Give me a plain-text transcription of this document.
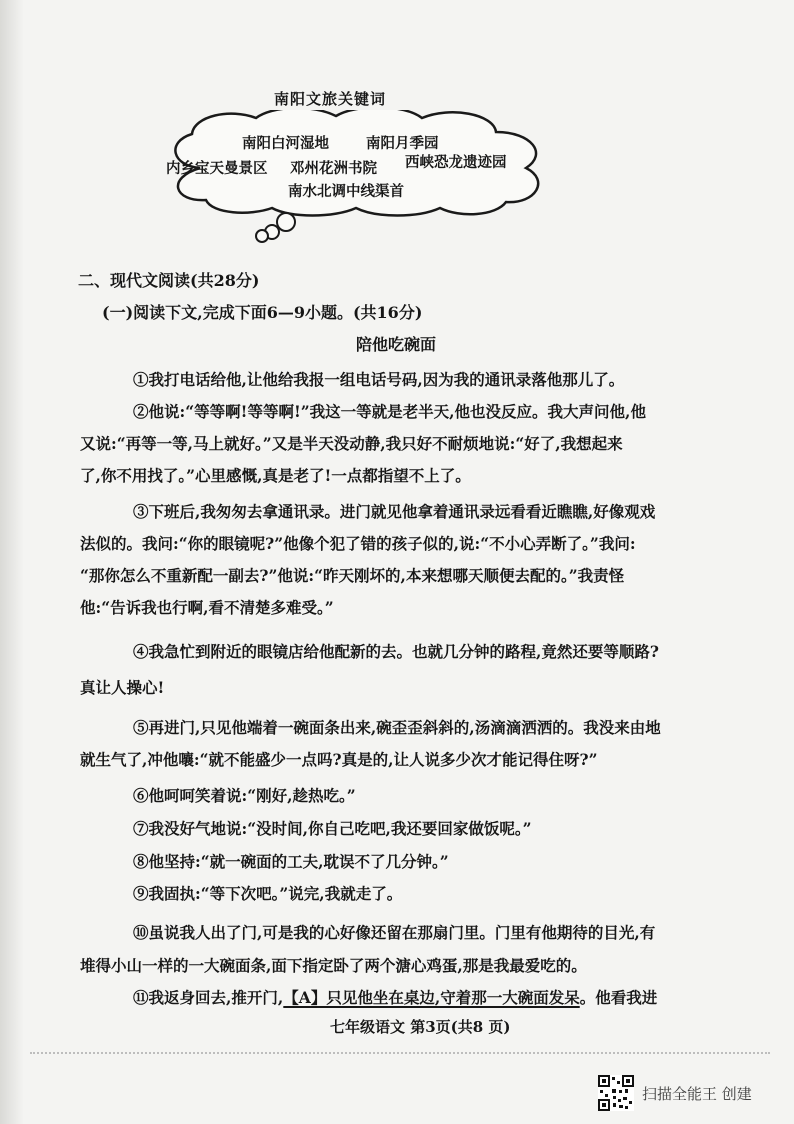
南阳文旅关键词
南阳白河湿地	南阳月季园
内乡宝天曼景区 邓州花洲书院 西峡恐龙遗迹园
南水北调中线渠首
二、现代文阅读(共28分)
(一)阅读下文,完成下面6—9小题。(共16分)
陪他吃碗面
①我打电话给他,让他给我报一组电话号码,因为我的通讯录落他那儿了。
②他说:“等等啊!等等啊!”我这一等就是老半天,他也没反应。我大声问他,他
又说:“再等一等,马上就好。”又是半天没动静,我只好不耐烦地说:“好了,我想起来
了,你不用找了。”心里感慨,真是老了!一点都指望不上了。
③下班后,我匆匆去拿通讯录。进门就见他拿着通讯录远看看近瞧瞧,好像观戏
法似的。我问:“你的眼镜呢?”他像个犯了错的孩子似的,说:“不小心弄断了。”我问:
“那你怎么不重新配一副去?”他说:“昨天刚坏的,本来想哪天顺便去配的。”我责怪
他:“告诉我也行啊,看不清楚多难受。”
④我急忙到附近的眼镜店给他配新的去。也就几分钟的路程,竟然还要等顺路?
真让人操心!
⑤再进门,只见他端着一碗面条出来,碗歪歪斜斜的,汤滴滴洒洒的。我没来由地
就生气了,冲他嚷:“就不能盛少一点吗?真是的,让人说多少次才能记得住呀?”
⑥他呵呵笑着说:“刚好,趁热吃。”
⑦我没好气地说:“没时间,你自己吃吧,我还要回家做饭呢。”
⑧他坚持:“就一碗面的工夫,耽误不了几分钟。”
⑨我固执:“等下次吧。”说完,我就走了。
⑩虽说我人出了门,可是我的心好像还留在那扇门里。门里有他期待的目光,有
堆得小山一样的一大碗面条,面下指定卧了两个溏心鸡蛋,那是我最爱吃的。
⑪我返身回去,推开门,【A】只见他坐在桌边,守着那一大碗面发呆。他看我进
七年级语文 第3页(共8 页)
扫描全能王 创建
